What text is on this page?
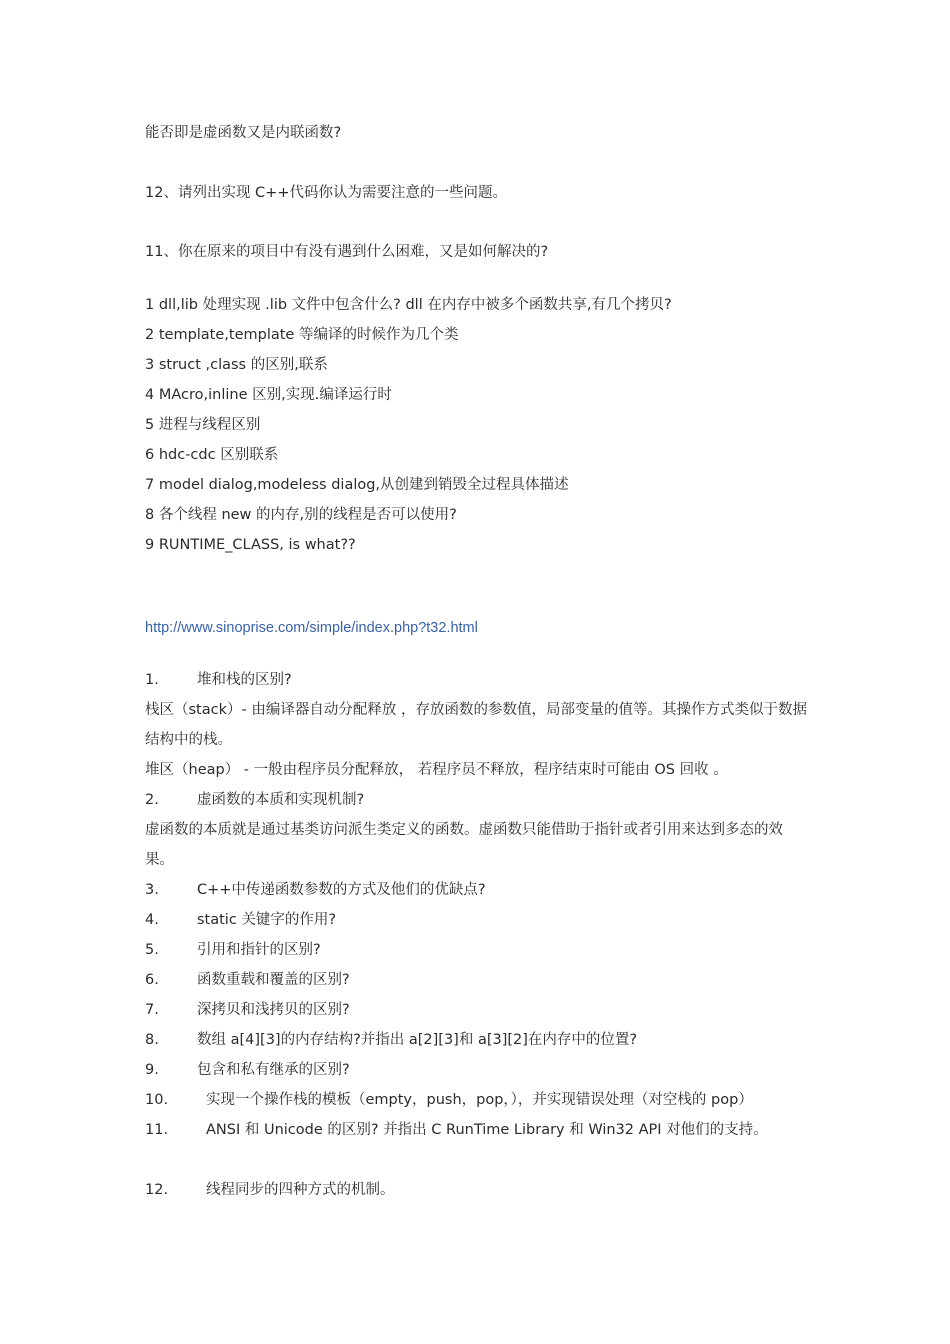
能否即是虚函数又是内联函数?
12、请列出实现 C++代码你认为需要注意的一些问题。
11、你在原来的项目中有没有遇到什么困难，又是如何解决的?
1 dll,lib 处理实现 .lib 文件中包含什么? dll 在内存中被多个函数共享,有几个拷贝?
2 template,template 等编译的时候作为几个类
3 struct ,class 的区别,联系
4 MAcro,inline 区别,实现.编译运行时
5 进程与线程区别
6 hdc-cdc 区别联系
7 model dialog,modeless dialog,从创建到销毁全过程具体描述
8 各个线程 new 的内存,别的线程是否可以使用?
9 RUNTIME_CLASS, is what??
http://www.sinoprise.com/simple/index.php?t32.html
1.	堆和栈的区别?
栈区（stack）- 由编译器自动分配释放 ，存放函数的参数值，局部变量的值等。其操作方式类似于数据结构中的栈。
堆区（heap） - 一般由程序员分配释放， 若程序员不释放，程序结束时可能由 OS 回收 。
2.	虚函数的本质和实现机制?
虚函数的本质就是通过基类访问派生类定义的函数。虚函数只能借助于指针或者引用来达到多态的效果。
3.	C++中传递函数参数的方式及他们的优缺点?
4.	static 关键字的作用?
5.	引用和指针的区别?
6.	函数重载和覆盖的区别?
7.	深拷贝和浅拷贝的区别?
8.	数组 a[4][3]的内存结构?并指出 a[2][3]和 a[3][2]在内存中的位置?
9.	包含和私有继承的区别?
10.	实现一个操作栈的模板（empty，push，pop，），并实现错误处理（对空栈的 pop）
11.	ANSI 和 Unicode 的区别? 并指出 C RunTime Library 和 Win32 API 对他们的支持。
12.	线程同步的四种方式的机制。
